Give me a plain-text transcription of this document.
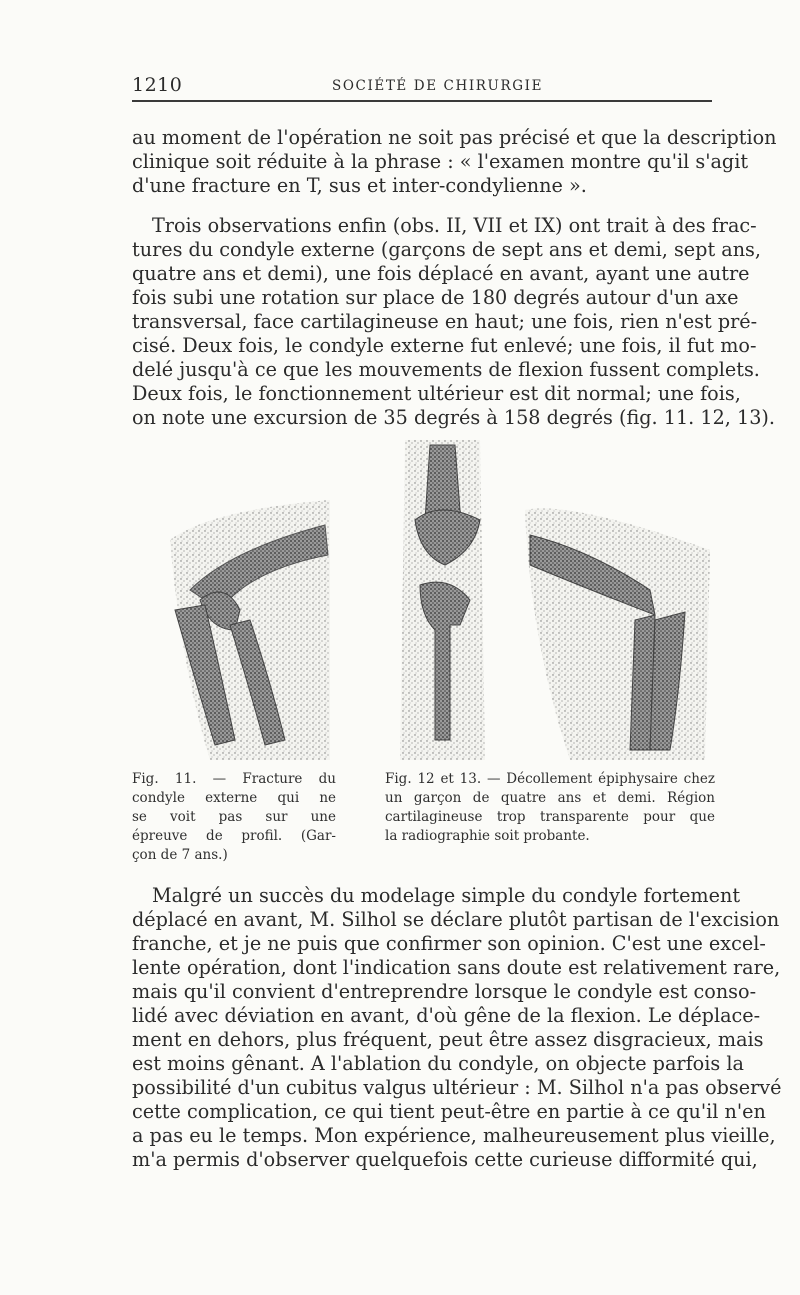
1210	SOCIÉTÉ DE CHIRURGIE
au moment de l'opération ne soit pas précisé et que la description
clinique soit réduite à la phrase : « l'examen montre qu'il s'agit
d'une fracture en T, sus et inter-condylienne ».
Trois observations enfin (obs. II, VII et IX) ont trait à des frac-
tures du condyle externe (garçons de sept ans et demi, sept ans,
quatre ans et demi), une fois déplacé en avant, ayant une autre
fois subi une rotation sur place de 180 degrés autour d'un axe
transversal, face cartilagineuse en haut; une fois, rien n'est pré-
cisé. Deux fois, le condyle externe fut enlevé; une fois, il fut mo-
delé jusqu'à ce que les mouvements de flexion fussent complets.
Deux fois, le fonctionnement ultérieur est dit normal; une fois,
on note une excursion de 35 degrés à 158 degrés (fig. 11. 12, 13).
Fig. 11. — Fracture du
condyle externe qui ne
se voit pas sur une
épreuve de profil. (Gar-
çon de 7 ans.)
Fig. 12 et 13. — Décollement épiphysaire chez
un garçon de quatre ans et demi. Région
cartilagineuse trop transparente pour que
la radiographie soit probante.
Malgré un succès du modelage simple du condyle fortement
déplacé en avant, M. Silhol se déclare plutôt partisan de l'excision
franche, et je ne puis que confirmer son opinion. C'est une excel-
lente opération, dont l'indication sans doute est relativement rare,
mais qu'il convient d'entreprendre lorsque le condyle est conso-
lidé avec déviation en avant, d'où gêne de la flexion. Le déplace-
ment en dehors, plus fréquent, peut être assez disgracieux, mais
est moins gênant. A l'ablation du condyle, on objecte parfois la
possibilité d'un cubitus valgus ultérieur : M. Silhol n'a pas observé
cette complication, ce qui tient peut-être en partie à ce qu'il n'en
a pas eu le temps. Mon expérience, malheureusement plus vieille,
m'a permis d'observer quelquefois cette curieuse difformité qui,
